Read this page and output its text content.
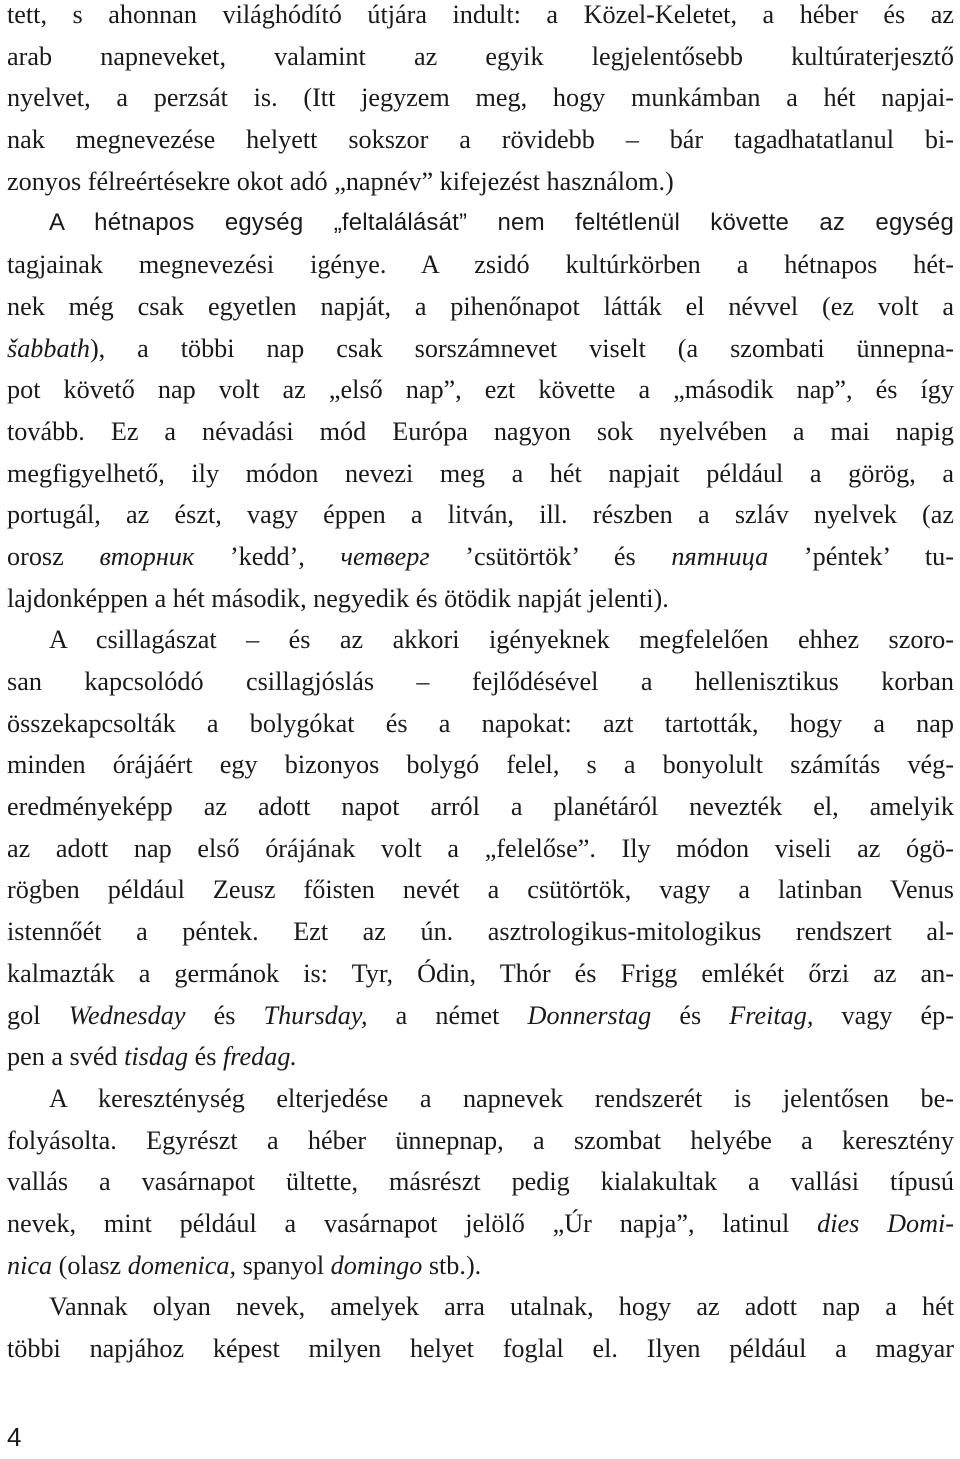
tett, s ahonnan világhódító útjára indult: a Közel-Keletet, a héber és az
arab napneveket, valamint az egyik legjelentősebb kultúraterjesztő
nyelvet, a perzsát is. (Itt jegyzem meg, hogy munkámban a hét napjai-
nak megnevezése helyett sokszor a rövidebb – bár tagadhatatlanul bi-
zonyos félreértésekre okot adó „napnév” kifejezést használom.)
A hétnapos egység „feltalálását” nem feltétlenül követte az egység
tagjainak megnevezési igénye. A zsidó kultúrkörben a hétnapos hét-
nek még csak egyetlen napját, a pihenőnapot látták el névvel (ez volt a
šabbath), a többi nap csak sorszámnevet viselt (a szombati ünnepna-
pot követő nap volt az „első nap”, ezt követte a „második nap”, és így
tovább. Ez a névadási mód Európa nagyon sok nyelvében a mai napig
megfigyelhető, ily módon nevezi meg a hét napjait például a görög, a
portugál, az észt, vagy éppen a litván, ill. részben a szláv nyelvek (az
orosz вторник ’kedd’, четверг ’csütörtök’ és пятница ’péntek’ tu-
lajdonképpen a hét második, negyedik és ötödik napját jelenti).
A csillagászat – és az akkori igényeknek megfelelően ehhez szoro-
san kapcsolódó csillagjóslás – fejlődésével a hellenisztikus korban
összekapcsolták a bolygókat és a napokat: azt tartották, hogy a nap
minden órájáért egy bizonyos bolygó felel, s a bonyolult számítás vég-
eredményeképp az adott napot arról a planétáról nevezték el, amelyik
az adott nap első órájának volt a „felelőse”. Ily módon viseli az ógö-
rögben például Zeusz főisten nevét a csütörtök, vagy a latinban Venus
istennőét a péntek. Ezt az ún. asztrologikus-mitologikus rendszert al-
kalmazták a germánok is: Tyr, Ódin, Thór és Frigg emlékét őrzi az an-
gol Wednesday és Thursday, a német Donnerstag és Freitag, vagy ép-
pen a svéd tisdag és fredag.
A kereszténység elterjedése a napnevek rendszerét is jelentősen be-
folyásolta. Egyrészt a héber ünnepnap, a szombat helyébe a keresztény
vallás a vasárnapot ültette, másrészt pedig kialakultak a vallási típusú
nevek, mint például a vasárnapot jelölő „Úr napja”, latinul dies Domi-
nica (olasz domenica, spanyol domingo stb.).
Vannak olyan nevek, amelyek arra utalnak, hogy az adott nap a hét
többi napjához képest milyen helyet foglal el. Ilyen például a magyar
4
